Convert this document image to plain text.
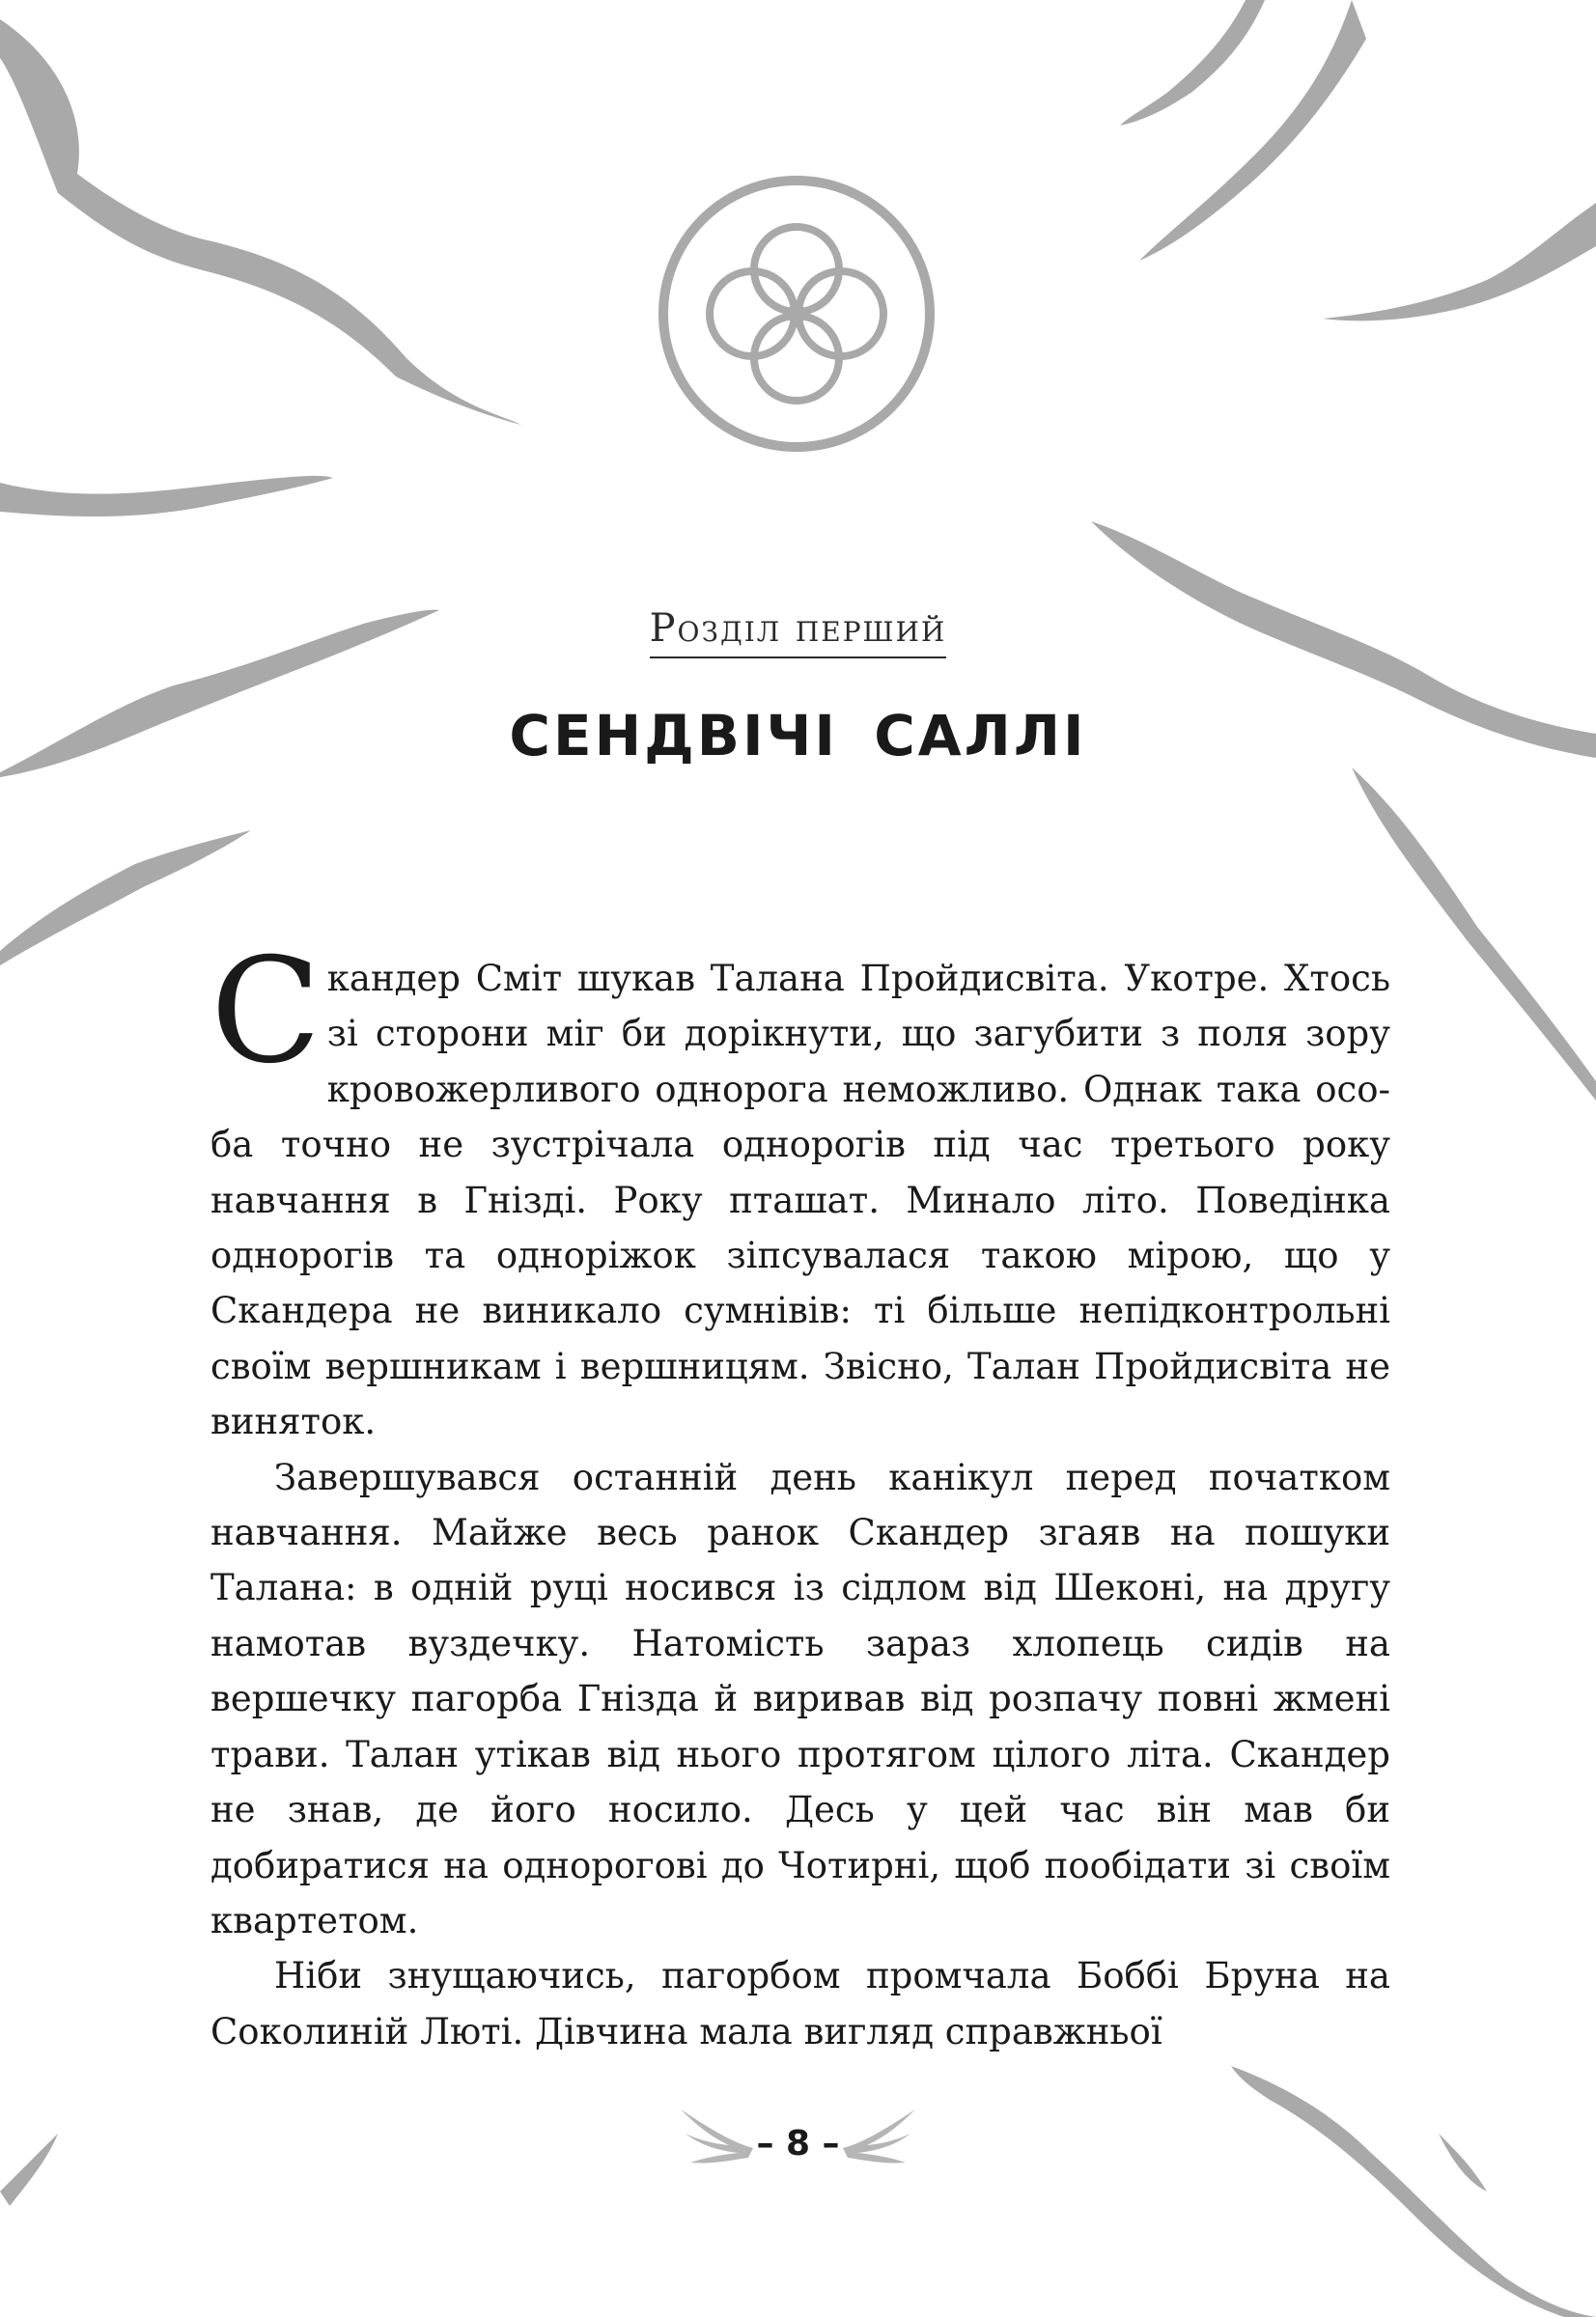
Розділ перший
СЕНДВІЧІ САЛЛІ

Скандер Сміт шукав Талана Пройдисвіта. Укотре. Хтось зі сторони міг би дорікнути, що загубити з поля зору кровожерливого однорога неможливо. Однак така особа точно не зустрічала однорогів під час третього року навчання в Гнізді. Року пташат. Минало літо. Поведінка однорогів та одноріжок зіпсувалася такою мірою, що у Скандера не виникало сумнівів: ті більше непідконтрольні своїм вершникам і вершницям. Звісно, Талан Пройдисвіта не виняток.

Завершувався останній день канікул перед початком навчання. Майже весь ранок Скандер згаяв на пошуки Талана: в одній руці носився із сідлом від Шеконі, на другу намотав вуздечку. Натомість зараз хлопець сидів на вершечку пагорба Гнізда й виривав від розпачу повні жмені трави. Талан утікав від нього протягом цілого літа. Скандер не знав, де його носило. Десь у цей час він мав би добиратися на однорогові до Чотирні, щоб пообідати зі своїм квартетом.

Ніби знущаючись, пагорбом промчала Боббі Бруна на Соколиній Люті. Дівчина мала вигляд справжньої

– 8 –
